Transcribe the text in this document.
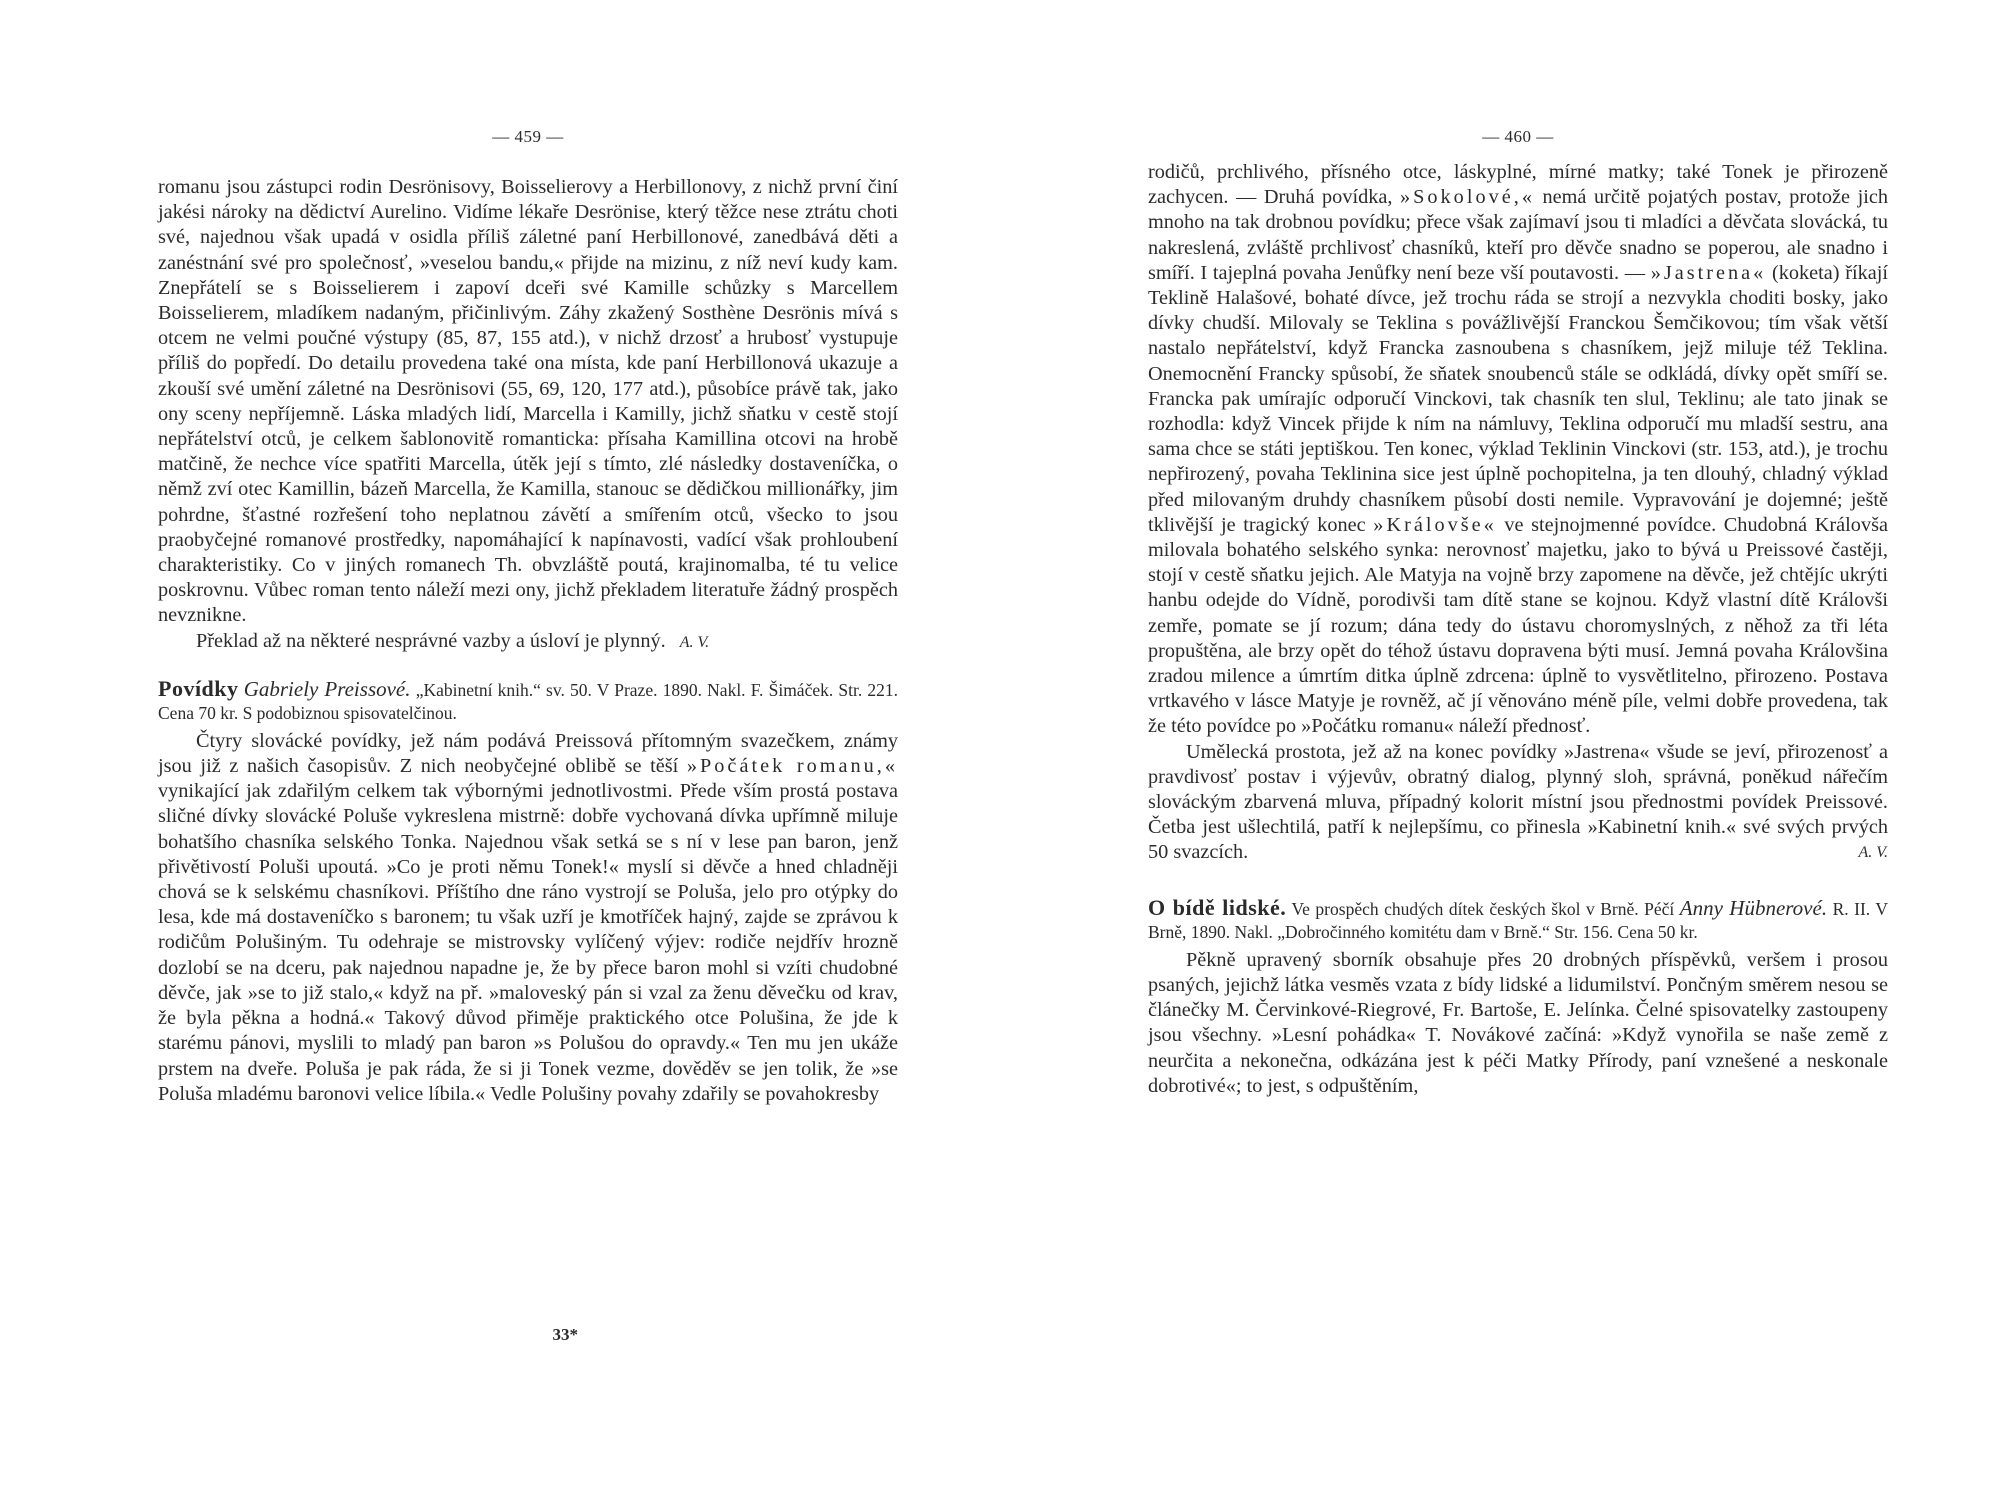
— 459 —

romanu jsou zástupci rodin Desrönisovy, Boisselierovy a Herbillonovy, z nichž první činí jakési nároky na dědictví Aurelino. Vidíme lékaře Desrönise, který těžce nese ztrátu choti své, najednou však upadá v osidla příliš záletné paní Herbillonové, zanedbává děti a zanéstnání své pro společnosť, »veselou bandu,« přijde na mizinu, z níž neví kudy kam. Znepřátelí se s Boisselierem i zapoví dceři své Kamille schůzky s Marcellem Boisselierem, mladíkem nadaným, přičinlivým. Záhy zkažený Sosthène Desrönis mívá s otcem ne velmi poučné výstupy (85, 87, 155 atd.), v nichž drzosť a hrubosť vystupuje příliš do popředí. Do detailu provedena také ona místa, kde paní Herbillonová ukazuje a zkouší své umění záletné na Desrönisovi (55, 69, 120, 177 atd.), působíce právě tak, jako ony sceny nepříjemně. Láska mladých lidí, Marcella i Kamilly, jichž sňatku v cestě stojí nepřátelství otců, je celkem šablonovitě romanticka: přísaha Kamillina otcovi na hrobě matčině, že nechce více spatřiti Marcella, útěk její s tímto, zlé následky dostaveníčka, o němž zví otec Kamillin, bázeň Marcella, že Kamilla, stanouc se dědičkou millionářky, jim pohrdne, šťastné rozřešení toho neplatnou závětí a smířením otců, všecko to jsou praobyčejné romanové prostředky, napomáhající k napínavosti, vadící však prohloubení charakteristiky. Co v jiných romanech Th. obvzláště poutá, krajinomalba, té tu velice poskrovnu. Vůbec roman tento náleží mezi ony, jichž překladem literatuře žádný prospěch nevznikne.

Překlad až na některé nesprávné vazby a úsloví je plynný. A. V.

Povídky Gabriely Preissové. „Kabinetní knih.“ sv. 50. V Praze. 1890. Nakl. F. Šimáček. Str. 221. Cena 70 kr. S podobiznou spisovatelčinou.

Čtyry slovácké povídky, jež nám podává Preissová přítomným svazečkem, známy jsou již z našich časopisův. Z nich neobyčejné oblibě se těší »Počátek romanu,« vynikající jak zdařilým celkem tak výbornými jednotlivostmi. Přede vším prostá postava sličné dívky slovácké Poluše vykreslena mistrně: dobře vychovaná dívka upřímně miluje bohatšího chasníka selského Tonka. Najednou však setká se s ní v lese pan baron, jenž přivětivostí Poluši upoutá. »Co je proti němu Tonek!« myslí si děvče a hned chladněji chová se k selskému chasníkovi. Příštího dne ráno vystrojí se Poluša, jelo pro otýpky do lesa, kde má dostaveníčko s baronem; tu však uzří je kmotříček hajný, zajde se zprávou k rodičům Polušiným. Tu odehraje se mistrovsky vylíčený výjev: rodiče nejdřív hrozně dozlobí se na dceru, pak najednou napadne je, že by přece baron mohl si vzíti chudobné děvče, jak »se to již stalo,« když na př. »maloveský pán si vzal za ženu děvečku od krav, že byla pěkna a hodná.« Takový důvod přiměje praktického otce Polušina, že jde k starému pánovi, myslili to mladý pan baron »s Polušou do opravdy.« Ten mu jen ukáže prstem na dveře. Poluša je pak ráda, že si ji Tonek vezme, dověděv se jen tolik, že »se Poluša mladému baronovi velice líbila.« Vedle Polušiny povahy zdařily se povahokresby

33*
— 460 —

rodičů, prchlivého, přísného otce, láskyplné, mírné matky; také Tonek je přirozeně zachycen. — Druhá povídka, »Sokolové,« nemá určitě pojatých postav, protože jich mnoho na tak drobnou povídku; přece však zajímaví jsou ti mladíci a děvčata slovácká, tu nakreslená, zvláště prchlivosť chasníků, kteří pro děvče snadno se poperou, ale snadno i smíří. I tajeplná povaha Jenůfky není beze vší poutavosti. — »Jastrena« (koketa) říkají Teklině Halašové, bohaté dívce, jež trochu ráda se strojí a nezvykla choditi bosky, jako dívky chudší. Milovaly se Teklina s povážlivější Franckou Šemčikovou; tím však větší nastalo nepřátelství, když Francka zasnoubena s chasníkem, jejž miluje též Teklina. Onemocnění Francky spůsobí, že sňatek snoubenců stále se odkládá, dívky opět smíří se. Francka pak umírajíc odporučí Vinckovi, tak chasník ten slul, Teklinu; ale tato jinak se rozhodla: když Vincek přijde k ním na námluvy, Teklina odporučí mu mladší sestru, ana sama chce se státi jeptiškou. Ten konec, výklad Teklinin Vinckovi (str. 153, atd.), je trochu nepřirozený, povaha Teklinina sice jest úplně pochopitelna, ja ten dlouhý, chladný výklad před milovaným druhdy chasníkem působí dosti nemile. Vypravování je dojemné; ještě tklivější je tragický konec »Královše« ve stejnojmenné povídce. Chudobná Královša milovala bohatého selského synka: nerovnosť majetku, jako to bývá u Preissové častěji, stojí v cestě sňatku jejich. Ale Matyja na vojně brzy zapomene na děvče, jež chtějíc ukrýti hanbu odejde do Vídně, porodivši tam dítě stane se kojnou. Když vlastní dítě Královši zemře, pomate se jí rozum; dána tedy do ústavu choromyslných, z něhož za tři léta propuštěna, ale brzy opět do téhož ústavu dopravena býti musí. Jemná povaha Královšina zradou milence a úmrtím ditka úplně zdrcena: úplně to vysvětlitelno, přirozeno. Postava vrtkavého v lásce Matyje je rovněž, ač jí věnováno méně píle, velmi dobře provedena, tak že této povídce po »Počátku romanu« náleží přednosť.

Umělecká prostota, jež až na konec povídky »Jastrena« všude se jeví, přirozenosť a pravdivosť postav i výjevův, obratný dialog, plynný sloh, správná, poněkud nářečím slováckým zbarvená mluva, případný kolorit místní jsou přednostmi povídek Preissové. Četba jest ušlechtilá, patří k nejlepšímu, co přinesla »Kabinetní knih.« své svých prvých 50 svazcích.	A. V.

O bídě lidské. Ve prospěch chudých dítek českých škol v Brně. Péčí Anny Hübnerové. R. II. V Brně, 1890. Nakl. „Dobročinného komitétu dam v Brně.“ Str. 156. Cena 50 kr.

Pěkně upravený sborník obsahuje přes 20 drobných příspěvků, veršem i prosou psaných, jejichž látka vesměs vzata z bídy lidské a lidumilství. Pončným směrem nesou se článečky M. Červinkové-Riegrové, Fr. Bartoše, E. Jelínka. Čelné spisovatelky zastoupeny jsou všechny. »Lesní pohádka« T. Novákové začíná: »Když vynořila se naše země z neurčita a nekonečna, odkázána jest k péči Matky Přírody, paní vznešené a neskonale dobrotivé«; to jest, s odpuštěním,
